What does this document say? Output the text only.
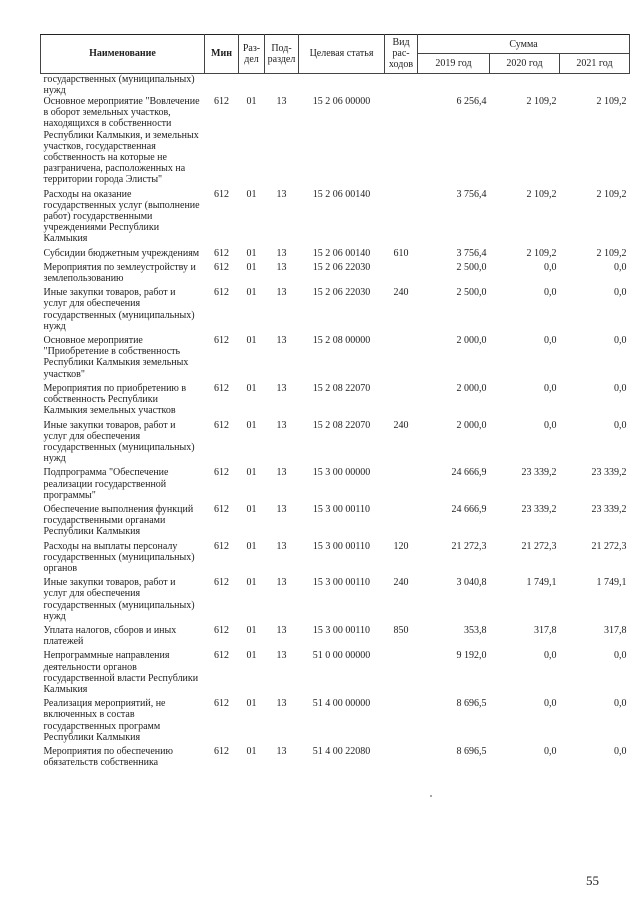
Наименование	Мин	Раз-дел	Под-раздел	Целевая статья	Вид рас-ходов	Сумма		
						2019 год	2020 год	2021 год
государственных (муниципальных) нужд								
Основное мероприятие "Вовлечение в оборот земельных участков, находящихся в собственности Республики Калмыкия, и земельных участков, государственная собственность на которые не разграничена, расположенных на территории города Элисты"	612	01	13	15 2 06 00000		6 256,4	2 109,2	2 109,2
Расходы на оказание государственных услуг (выполнение работ) государственными учреждениями Республики Калмыкия	612	01	13	15 2 06 00140		3 756,4	2 109,2	2 109,2
Субсидии бюджетным учреждениям	612	01	13	15 2 06 00140	610	3 756,4	2 109,2	2 109,2
Мероприятия по землеустройству и землепользованию	612	01	13	15 2 06 22030		2 500,0	0,0	0,0
Иные закупки товаров, работ и услуг для обеспечения государственных (муниципальных) нужд	612	01	13	15 2 06 22030	240	2 500,0	0,0	0,0
Основное мероприятие "Приобретение в собственность Республики Калмыкия земельных участков"	612	01	13	15 2 08 00000		2 000,0	0,0	0,0
Мероприятия по приобретению в собственность Республики Калмыкия земельных участков	612	01	13	15 2 08 22070		2 000,0	0,0	0,0
Иные закупки товаров, работ и услуг для обеспечения государственных (муниципальных) нужд	612	01	13	15 2 08 22070	240	2 000,0	0,0	0,0
Подпрограмма "Обеспечение реализации государственной программы"	612	01	13	15 3 00 00000		24 666,9	23 339,2	23 339,2
Обеспечение выполнения функций государственными органами Республики Калмыкия	612	01	13	15 3 00 00110		24 666,9	23 339,2	23 339,2
Расходы на выплаты персоналу государственных (муниципальных) органов	612	01	13	15 3 00 00110	120	21 272,3	21 272,3	21 272,3
Иные закупки товаров, работ и услуг для обеспечения государственных (муниципальных) нужд	612	01	13	15 3 00 00110	240	3 040,8	1 749,1	1 749,1
Уплата налогов, сборов и иных платежей	612	01	13	15 3 00 00110	850	353,8	317,8	317,8
Непрограммные направления деятельности органов государственной власти Республики Калмыкия	612	01	13	51 0 00 00000		9 192,0	0,0	0,0
Реализация мероприятий, не включенных в состав государственных программ Республики Калмыкия	612	01	13	51 4 00 00000		8 696,5	0,0	0,0
Мероприятия по обеспечению обязательств собственника	612	01	13	51 4 00 22080		8 696,5	0,0	0,0
55
